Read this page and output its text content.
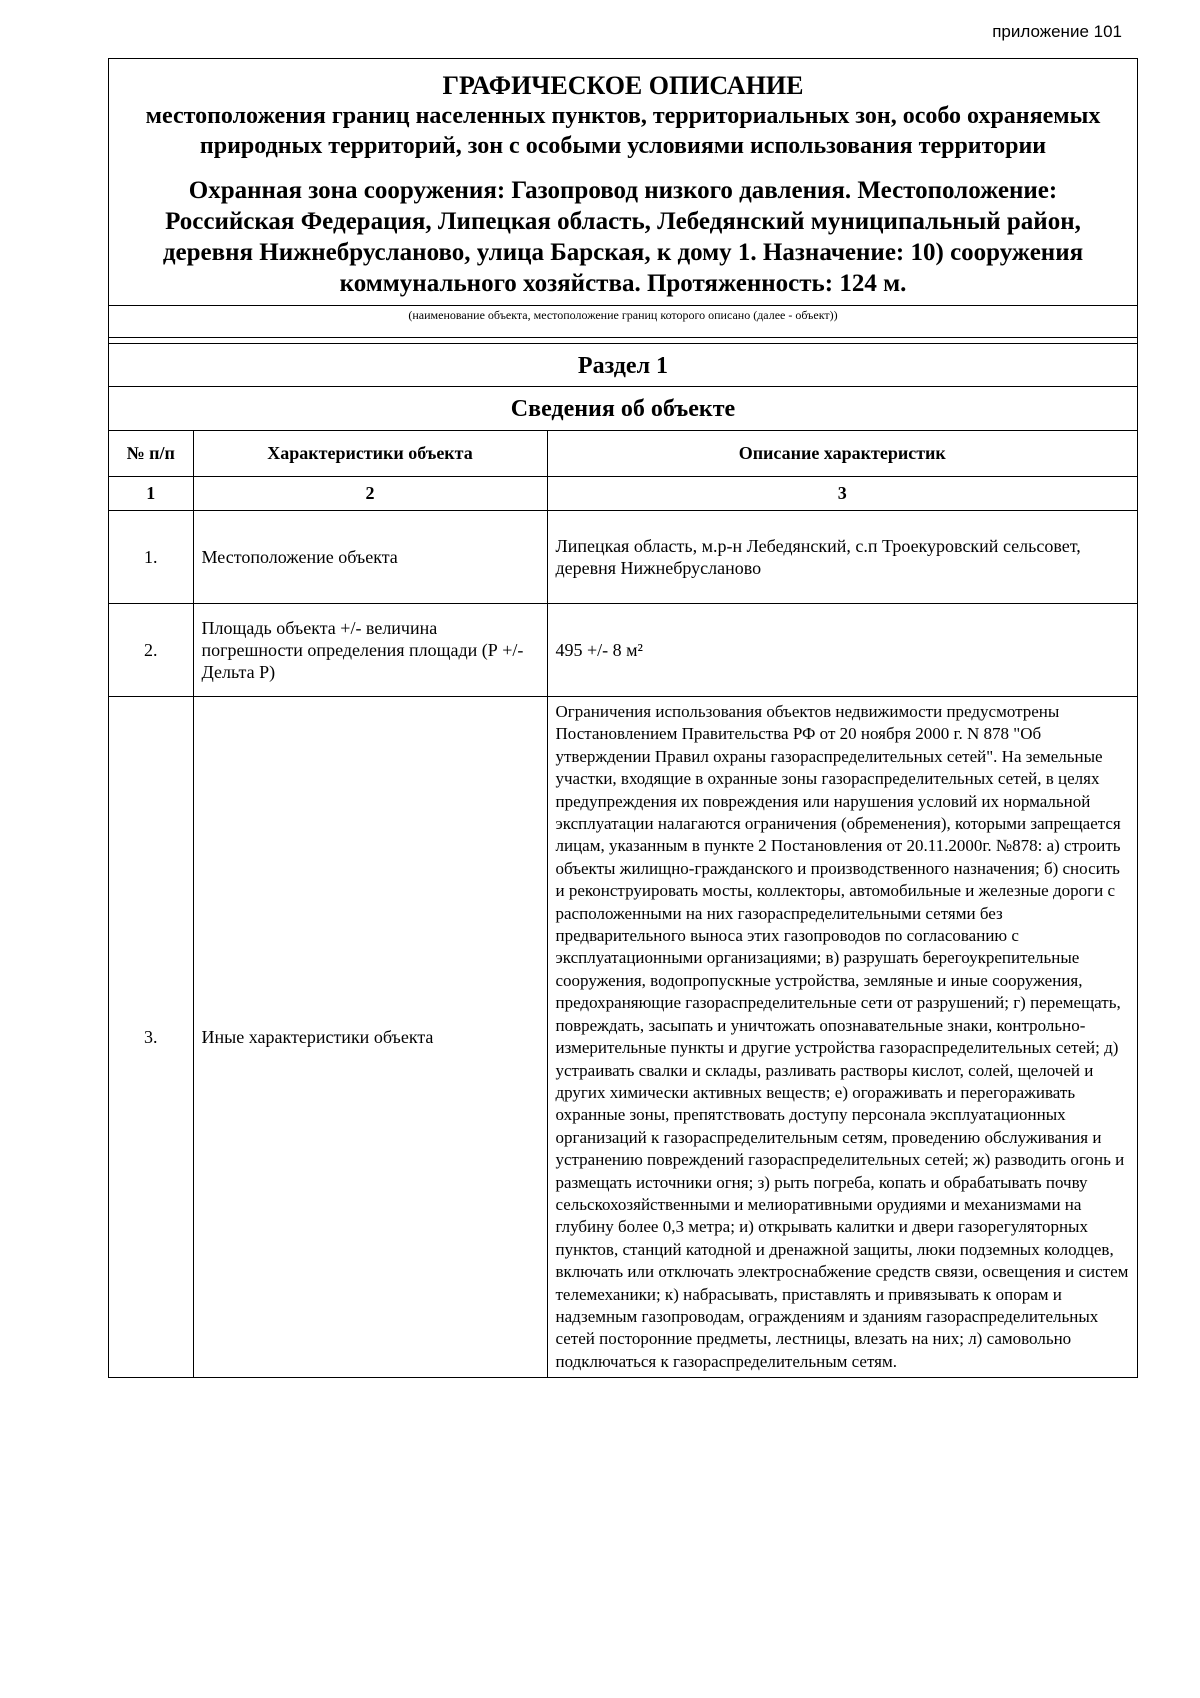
приложение 101
ГРАФИЧЕСКОЕ ОПИСАНИЕ
местоположения границ населенных пунктов, территориальных зон, особо охраняемых природных территорий, зон с особыми условиями использования территории
Охранная зона сооружения: Газопровод низкого давления. Местоположение: Российская Федерация, Липецкая область, Лебедянский муниципальный район, деревня Нижнебрусланово, улица Барская, к дому 1. Назначение: 10) сооружения коммунального хозяйства. Протяженность: 124 м.
(наименование объекта, местоположение границ которого описано (далее - объект))
Раздел 1
Сведения об объекте
№ п/п	Характеристики объекта	Описание характеристик
1	2	3
1.	Местоположение объекта	Липецкая область, м.р-н Лебедянский, с.п Троекуровский сельсовет, деревня Нижнебрусланово
2.	Площадь объекта +/- величина погрешности определения площади (Р +/- Дельта Р)	495 +/- 8 м²
3.	Иные характеристики объекта	Ограничения использования объектов недвижимости предусмотрены Постановлением Правительства РФ от 20 ноября 2000 г. N 878 "Об утверждении Правил охраны газораспределительных сетей". На земельные участки, входящие в охранные зоны газораспределительных сетей, в целях предупреждения их повреждения или нарушения условий их нормальной эксплуатации налагаются ограничения (обременения), которыми запрещается лицам, указанным в пункте 2 Постановления от 20.11.2000г. №878: а) строить объекты жилищно-гражданского и производственного назначения; б) сносить и реконструировать мосты, коллекторы, автомобильные и железные дороги с расположенными на них газораспределительными сетями без предварительного выноса этих газопроводов по согласованию с эксплуатационными организациями; в) разрушать берегоукрепительные сооружения, водопропускные устройства, земляные и иные сооружения, предохраняющие газораспределительные сети от разрушений; г) перемещать, повреждать, засыпать и уничтожать опознавательные знаки, контрольно-измерительные пункты и другие устройства газораспределительных сетей; д) устраивать свалки и склады, разливать растворы кислот, солей, щелочей и других химически активных веществ; е) огораживать и перегораживать охранные зоны, препятствовать доступу персонала эксплуатационных организаций к газораспределительным сетям, проведению обслуживания и устранению повреждений газораспределительных сетей; ж) разводить огонь и размещать источники огня; з) рыть погреба, копать и обрабатывать почву сельскохозяйственными и мелиоративными орудиями и механизмами на глубину более 0,3 метра; и) открывать калитки и двери газорегуляторных пунктов, станций катодной и дренажной защиты, люки подземных колодцев, включать или отключать электроснабжение средств связи, освещения и систем телемеханики; к) набрасывать, приставлять и привязывать к опорам и надземным газопроводам, ограждениям и зданиям газораспределительных сетей посторонние предметы, лестницы, влезать на них; л) самовольно подключаться к газораспределительным сетям.
